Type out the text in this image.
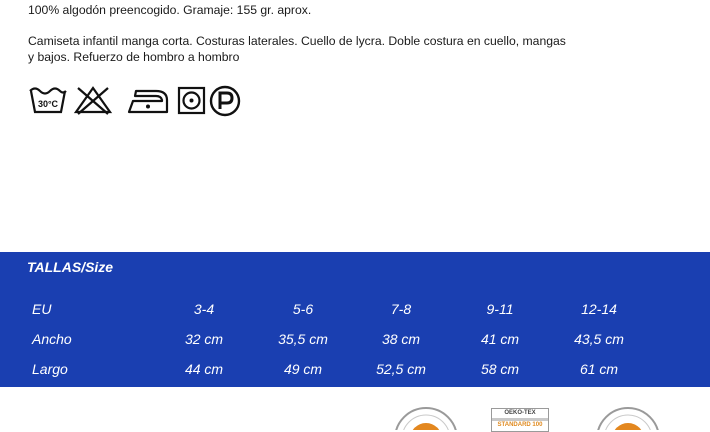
100% algodón preencogido. Gramaje: 155 gr. aprox.
Camiseta infantil manga corta. Costuras laterales. Cuello de lycra. Doble costura en cuello, mangas y bajos. Refuerzo de hombro a hombro
30°C
TALLAS/Size
EU	3-4	5-6	7-8	9-11	12-14
Ancho	32 cm	35,5 cm	38 cm	41 cm	43,5 cm
Largo	44 cm	49 cm	52,5 cm	58 cm	61 cm
OEKO-TEX
STANDARD 100
